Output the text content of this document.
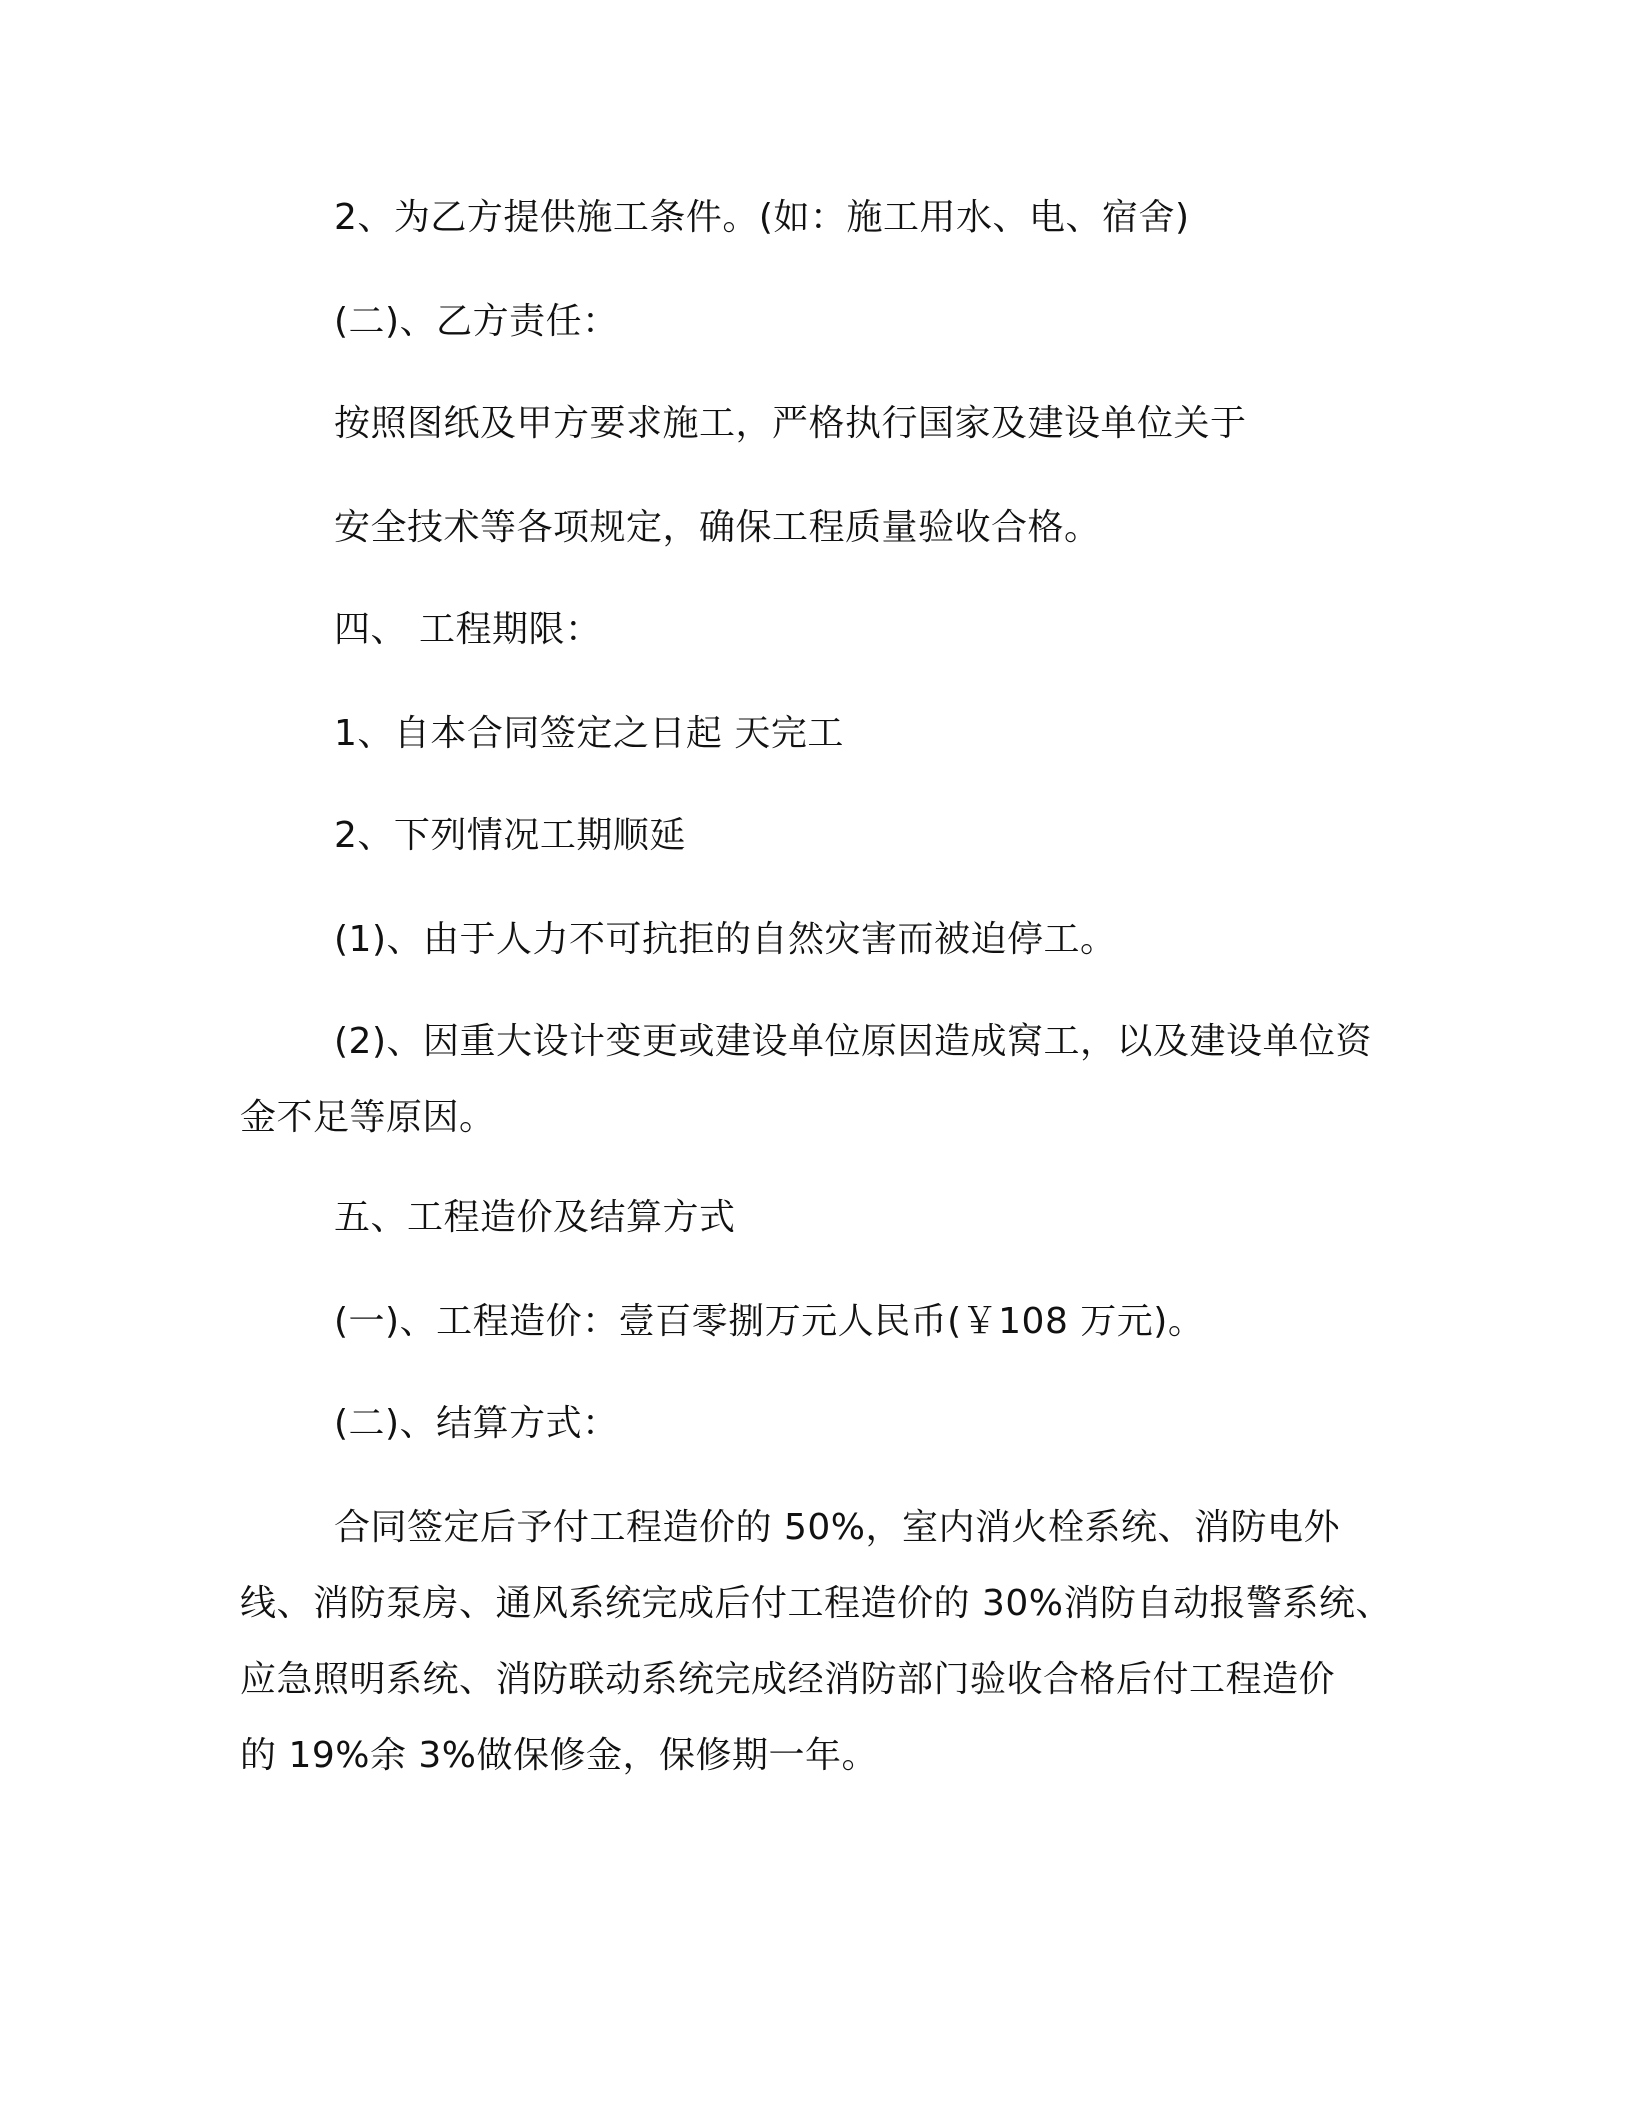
2、为乙方提供施工条件。(如：施工用水、电、宿舍)
(二)、乙方责任：
按照图纸及甲方要求施工，严格执行国家及建设单位关于
安全技术等各项规定，确保工程质量验收合格。
四、 工程期限：
1、自本合同签定之日起 天完工
2、下列情况工期顺延
(1)、由于人力不可抗拒的自然灾害而被迫停工。
(2)、因重大设计变更或建设单位原因造成窝工，以及建设单位资
金不足等原因。
五、工程造价及结算方式
(一)、工程造价：壹百零捌万元人民币(￥108 万元)。
(二)、结算方式：
合同签定后予付工程造价的 50%，室内消火栓系统、消防电外
线、消防泵房、通风系统完成后付工程造价的 30%消防自动报警系统、
应急照明系统、消防联动系统完成经消防部门验收合格后付工程造价
的 19%余 3%做保修金，保修期一年。
